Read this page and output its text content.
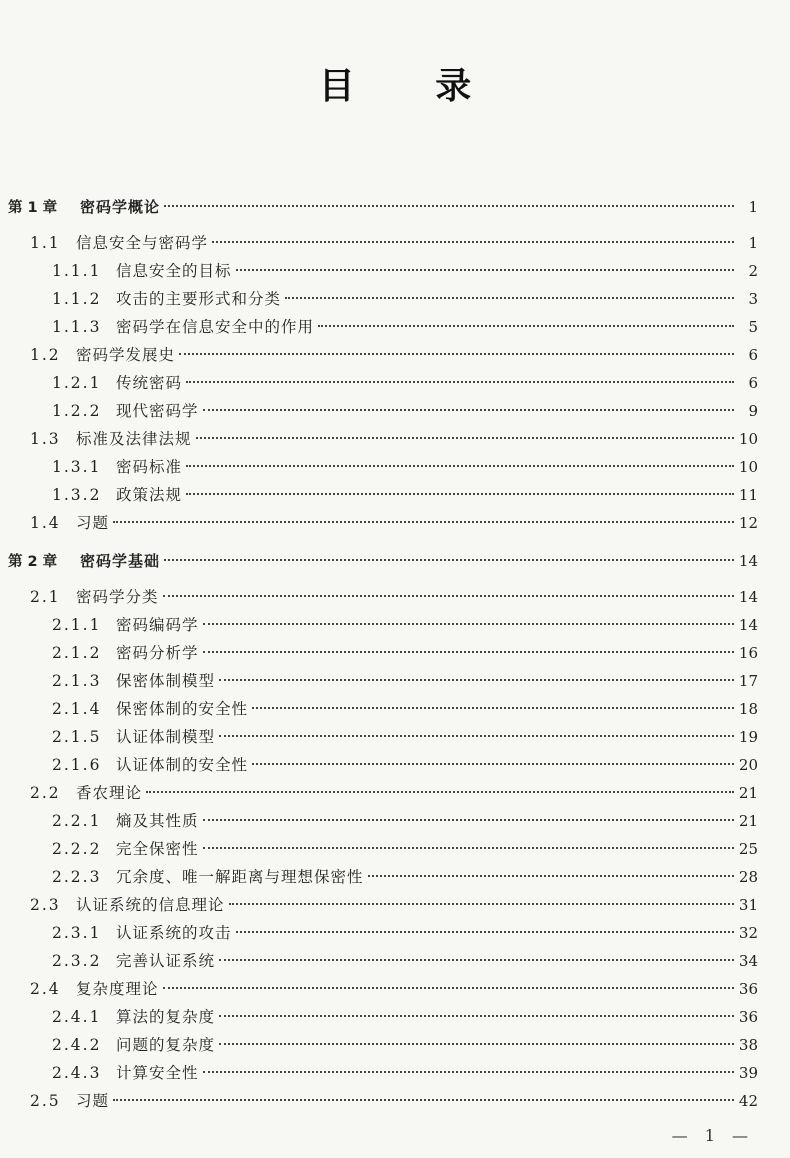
目 录
第 1 章	密码学概论	1
1.1 信息安全与密码学	1
1.1.1 信息安全的目标	2
1.1.2 攻击的主要形式和分类	3
1.1.3 密码学在信息安全中的作用	5
1.2 密码学发展史	6
1.2.1 传统密码	6
1.2.2 现代密码学	9
1.3 标准及法律法规	10
1.3.1 密码标准	10
1.3.2 政策法规	11
1.4 习题	12
第 2 章	密码学基础	14
2.1 密码学分类	14
2.1.1 密码编码学	14
2.1.2 密码分析学	16
2.1.3 保密体制模型	17
2.1.4 保密体制的安全性	18
2.1.5 认证体制模型	19
2.1.6 认证体制的安全性	20
2.2 香农理论	21
2.2.1 熵及其性质	21
2.2.2 完全保密性	25
2.2.3 冗余度、唯一解距离与理想保密性	28
2.3 认证系统的信息理论	31
2.3.1 认证系统的攻击	32
2.3.2 完善认证系统	34
2.4 复杂度理论	36
2.4.1 算法的复杂度	36
2.4.2 问题的复杂度	38
2.4.3 计算安全性	39
2.5 习题	42
— 1 —
